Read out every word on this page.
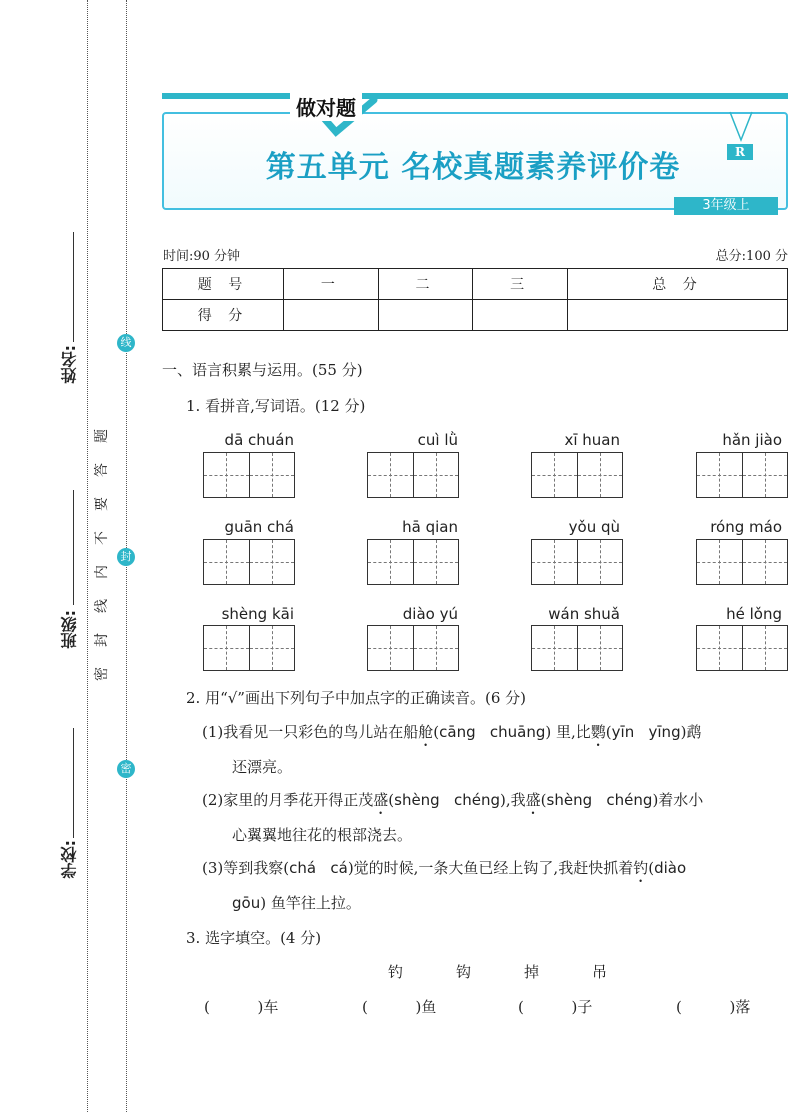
姓名:
班级:
学校:
线
封
密
密
封
线
内
不
要
答
题
做对题
第五单元 名校真题素养评价卷	R
3年级上
时间:90 分钟	总分:100 分
题 号	一	二	三	总 分
得 分				
一、语言积累与运用。(55 分)
1. 看拼音,写词语。(12 分)
dā chuán	cuì lǜ	xī huan	hǎn jiào
guān chá	hā qian	yǒu qù	róng máo
shèng kāi	diào yú	wán shuǎ	hé lǒng
2. 用“√”画出下列句子中加点字的正确读音。(6 分)
(1)我看见一只彩色的鸟儿站在船舱(cāng   chuāng) 里,比鹦(yīn   yīng)鹉
还漂亮。
(2)家里的月季花开得正茂盛(shèng   chéng),我盛(shèng   chéng)着水小
心翼翼地往花的根部浇去。
(3)等到我察(chá   cá)觉的时候,一条大鱼已经上钩了,我赶快抓着钓(diào
gōu) 鱼竿往上拉。
3. 选字填空。(4 分)
钓	钩	掉	吊
(          )车	(          )鱼	(          )子	(          )落
